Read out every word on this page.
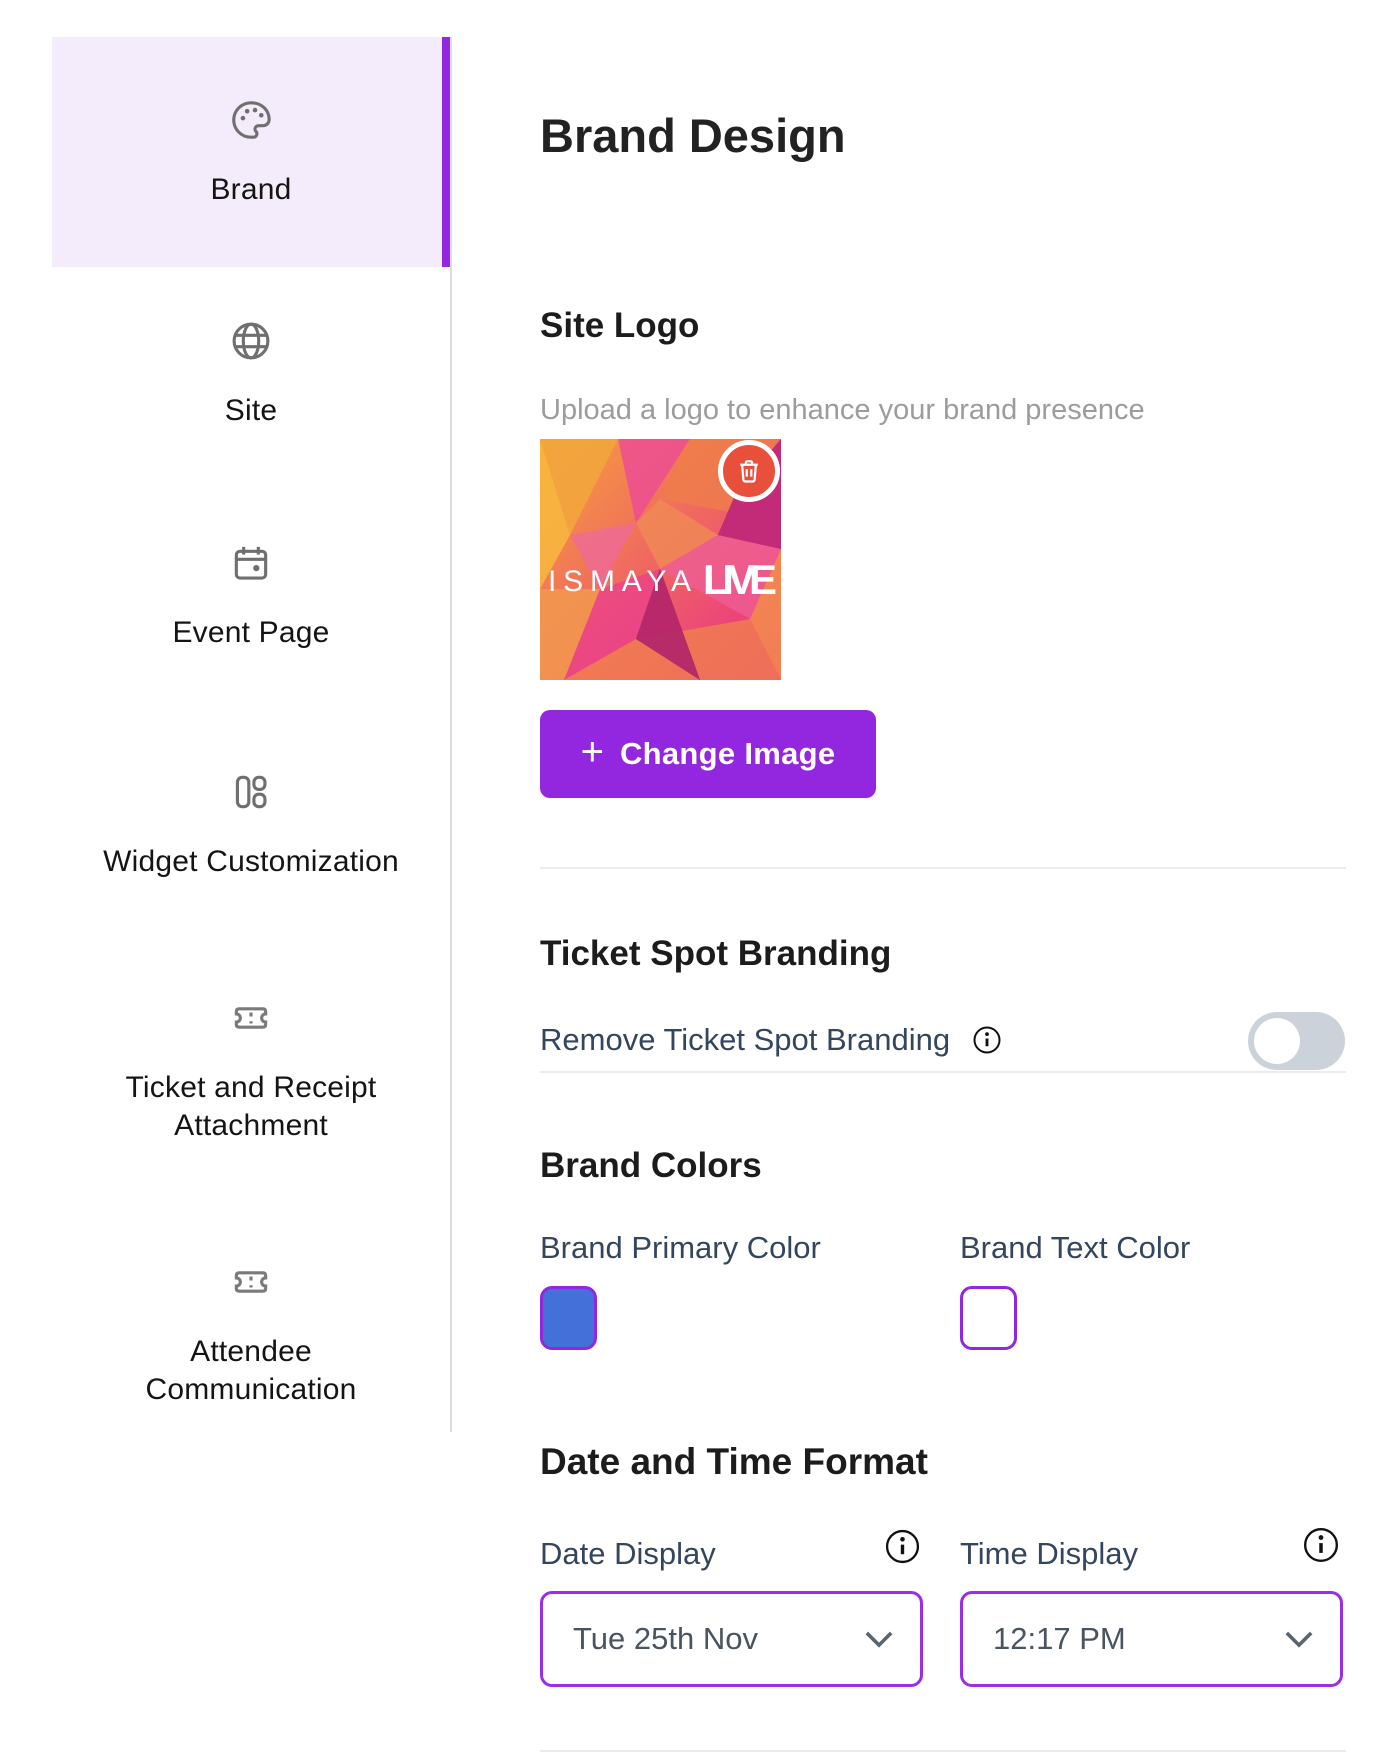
Brand
Site
Event Page
Widget Customization
Ticket and Receipt Attachment
Attendee Communication
Brand Design
Site Logo
Upload a logo to enhance your brand presence
ISMAYA LIVE
+ Change Image
Ticket Spot Branding
Remove Ticket Spot Branding
Brand Colors
Brand Primary Color	Brand Text Color
Date and Time Format
Date Display	Time Display
Tue 25th Nov	12:17 PM
